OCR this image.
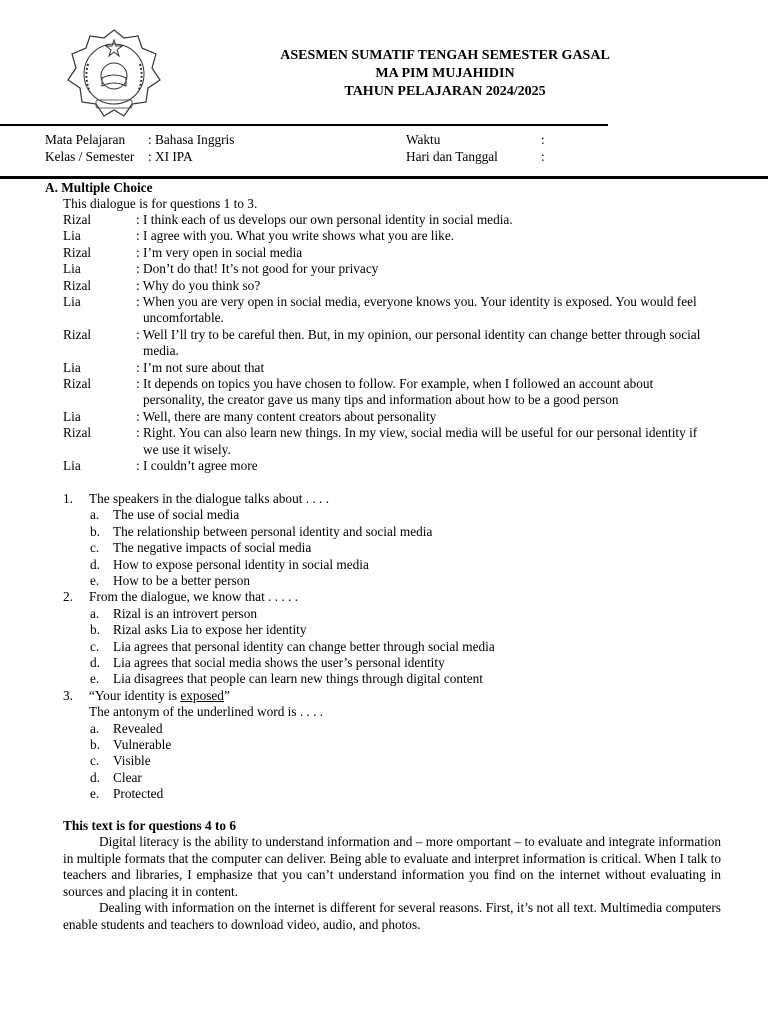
ASESMEN SUMATIF TENGAH SEMESTER GASAL
MA PIM MUJAHIDIN
TAHUN PELAJARAN 2024/2025
Mata Pelajaran : Bahasa Inggris	Waktu	:
Kelas / Semester : XI IPA	Hari dan Tanggal	:
A. Multiple Choice
This dialogue is for questions 1 to 3.
Rizal	: I think each of us develops our own personal identity in social media.
Lia	: I agree with you. What you write shows what you are like.
Rizal	: I’m very open in social media
Lia	: Don’t do that! It’s not good for your privacy
Rizal	: Why do you think so?
Lia	: When you are very open in social media, everyone knows you. Your identity is exposed. You would feel
uncomfortable.
Rizal	: Well I’ll try to be careful then. But, in my opinion, our personal identity can change better through social
media.
Lia	: I’m not sure about that
Rizal	: It depends on topics you have chosen to follow. For example, when I followed an account about
personality, the creator gave us many tips and information about how to be a good person
Lia	: Well, there are many content creators about personality
Rizal	: Right. You can also learn new things. In my view, social media will be useful for our personal identity if
we use it wisely.
Lia	: I couldn’t agree more
1. The speakers in the dialogue talks about . . . .
a. The use of social media
b. The relationship between personal identity and social media
c. The negative impacts of social media
d. How to expose personal identity in social media
e. How to be a better person
2. From the dialogue, we know that . . . . .
a. Rizal is an introvert person
b. Rizal asks Lia to expose her identity
c. Lia agrees that personal identity can change better through social media
d. Lia agrees that social media shows the user’s personal identity
e. Lia disagrees that people can learn new things through digital content
3. “Your identity is exposed”
The antonym of the underlined word is . . . .
a. Revealed
b. Vulnerable
c. Visible
d. Clear
e. Protected
This text is for questions 4 to 6
Digital literacy is the ability to understand information and – more omportant – to evaluate and integrate information in multiple formats that the computer can deliver. Being able to evaluate and interpret information is critical. When I talk to teachers and libraries, I emphasize that you can’t understand information you find on the internet without evaluating in sources and placing it in content.
Dealing with information on the internet is different for several reasons. First, it’s not all text. Multimedia computers enable students and teachers to download video, audio, and photos.
